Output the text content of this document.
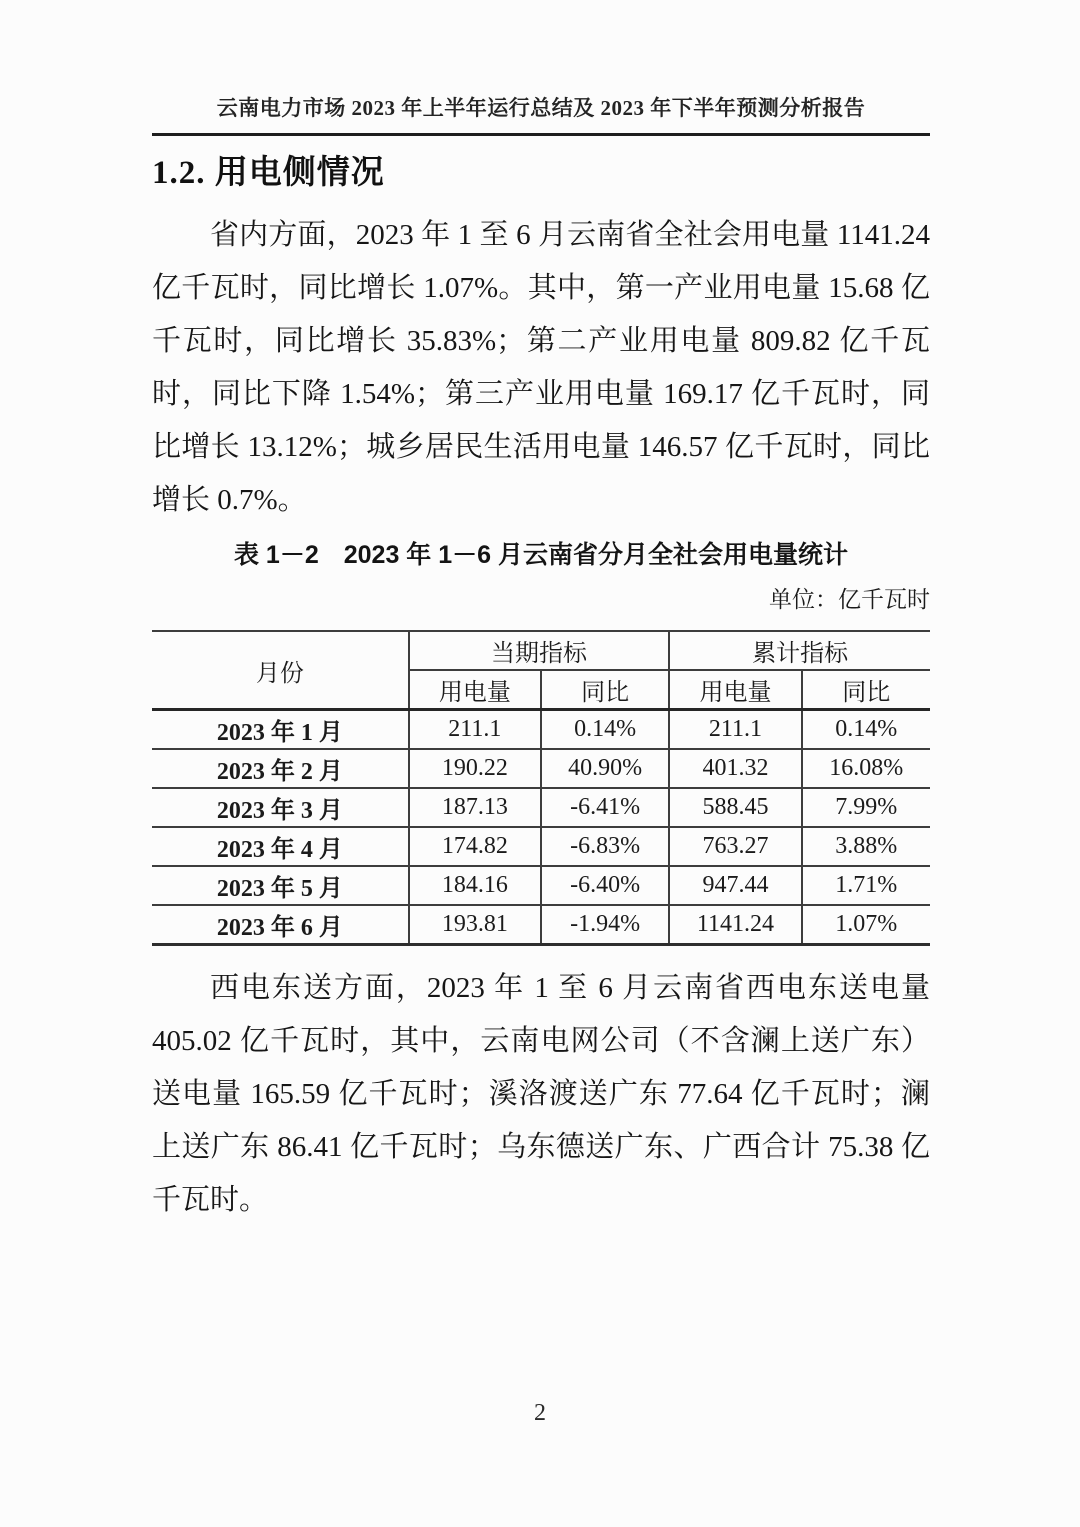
云南电力市场 2023 年上半年运行总结及 2023 年下半年预测分析报告
1.2. 用电侧情况

省内方面，2023 年 1 至 6 月云南省全社会用电量 1141.24 亿千瓦时，同比增长 1.07%。其中，第一产业用电量 15.68 亿千瓦时，同比增长 35.83%；第二产业用电量 809.82 亿千瓦时，同比下降 1.54%；第三产业用电量 169.17 亿千瓦时，同比增长 13.12%；城乡居民生活用电量 146.57 亿千瓦时，同比增长 0.7%。

表 1－2　2023 年 1－6 月云南省分月全社会用电量统计
单位：亿千瓦时
月份	当期指标		累计指标	
	用电量	同比	用电量	同比
2023 年 1 月	211.1	0.14%	211.1	0.14%
2023 年 2 月	190.22	40.90%	401.32	16.08%
2023 年 3 月	187.13	-6.41%	588.45	7.99%
2023 年 4 月	174.82	-6.83%	763.27	3.88%
2023 年 5 月	184.16	-6.40%	947.44	1.71%
2023 年 6 月	193.81	-1.94%	1141.24	1.07%

西电东送方面，2023 年 1 至 6 月云南省西电东送电量 405.02 亿千瓦时，其中，云南电网公司（不含澜上送广东）送电量 165.59 亿千瓦时；溪洛渡送广东 77.64 亿千瓦时；澜上送广东 86.41 亿千瓦时；乌东德送广东、广西合计 75.38 亿千瓦时。

2
